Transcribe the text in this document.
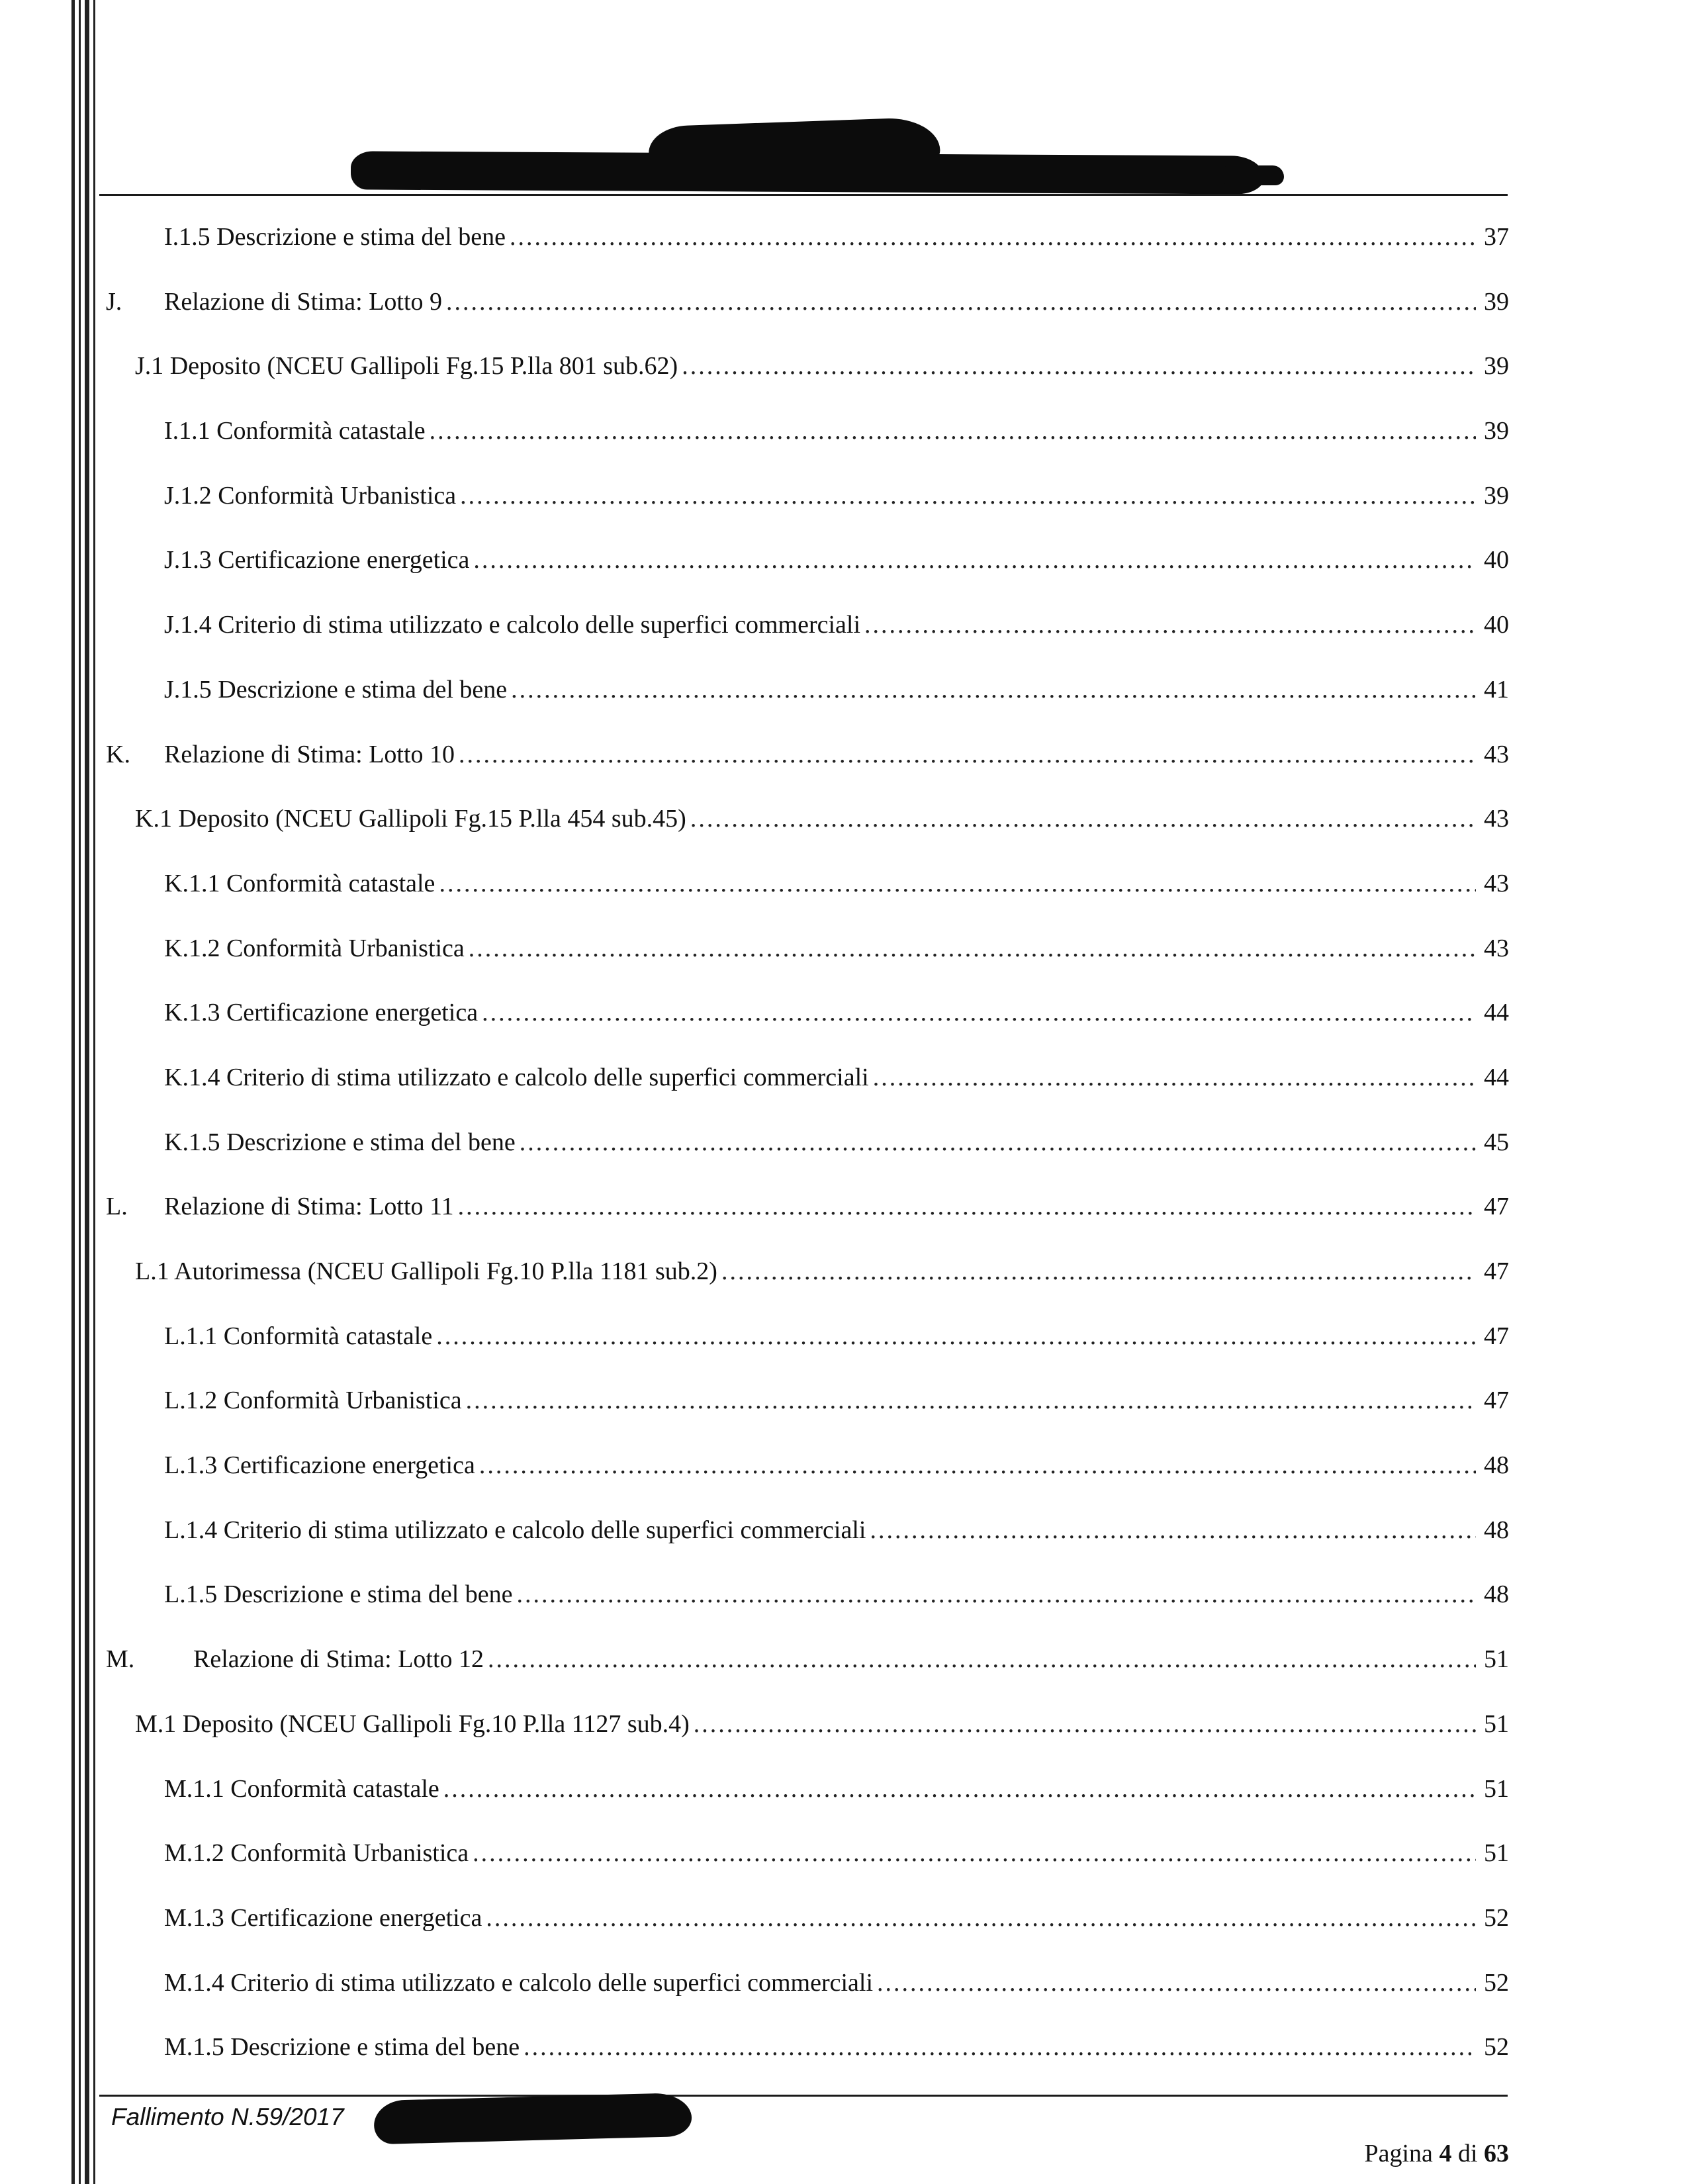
I.1.5 Descrizione e stima del bene .....	37
J.	Relazione di Stima: Lotto 9 .....	39
J.1 Deposito (NCEU Gallipoli Fg.15 P.lla 801 sub.62) .....	39
I.1.1 Conformità catastale .....	39
J.1.2 Conformità Urbanistica .....	39
J.1.3 Certificazione energetica .....	40
J.1.4 Criterio di stima utilizzato e calcolo delle superfici commerciali .....	40
J.1.5 Descrizione e stima del bene .....	41
K.	Relazione di Stima: Lotto 10 .....	43
K.1 Deposito (NCEU Gallipoli Fg.15 P.lla 454 sub.45) .....	43
K.1.1 Conformità catastale .....	43
K.1.2 Conformità Urbanistica .....	43
K.1.3 Certificazione energetica .....	44
K.1.4 Criterio di stima utilizzato e calcolo delle superfici commerciali .....	44
K.1.5 Descrizione e stima del bene .....	45
L.	Relazione di Stima: Lotto 11 .....	47
L.1 Autorimessa (NCEU Gallipoli Fg.10 P.lla 1181 sub.2) .....	47
L.1.1 Conformità catastale .....	47
L.1.2 Conformità Urbanistica .....	47
L.1.3 Certificazione energetica .....	48
L.1.4 Criterio di stima utilizzato e calcolo delle superfici commerciali .....	48
L.1.5 Descrizione e stima del bene .....	48
M.	Relazione di Stima: Lotto 12 .....	51
M.1 Deposito (NCEU Gallipoli Fg.10 P.lla 1127 sub.4) .....	51
M.1.1 Conformità catastale .....	51
M.1.2 Conformità Urbanistica .....	51
M.1.3 Certificazione energetica .....	52
M.1.4 Criterio di stima utilizzato e calcolo delle superfici commerciali .....	52
M.1.5 Descrizione e stima del bene .....	52
Fallimento N.59/2017
Pagina 4 di 63
